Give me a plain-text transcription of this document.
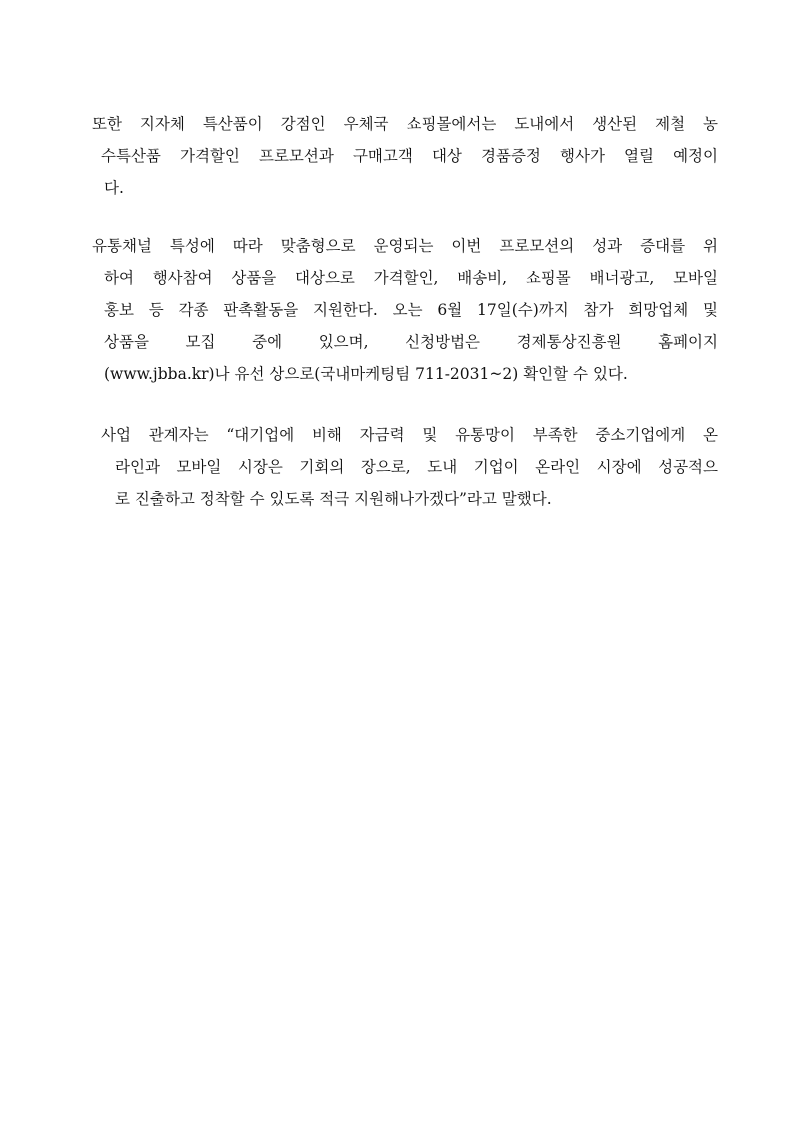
또한 지자체 특산품이 강점인 우체국 쇼핑몰에서는 도내에서 생산된 제철 농
수특산품 가격할인 프로모션과 구매고객 대상 경품증정 행사가 열릴 예정이
다.
유통채널 특성에 따라 맞춤형으로 운영되는 이번 프로모션의 성과 증대를 위
하여 행사참여 상품을 대상으로 가격할인, 배송비, 쇼핑몰 배너광고, 모바일
홍보 등 각종 판촉활동을 지원한다. 오는 6월 17일(수)까지 참가 희망업체 및
상품을 모집 중에 있으며, 신청방법은 경제통상진흥원 홈페이지
(www.jbba.kr)나 유선 상으로(국내마케팅팀 711-2031~2) 확인할 수 있다.
사업 관계자는 “대기업에 비해 자금력 및 유통망이 부족한 중소기업에게 온
라인과 모바일 시장은 기회의 장으로, 도내 기업이 온라인 시장에 성공적으
로 진출하고 정착할 수 있도록 적극 지원해나가겠다”라고 말했다.
